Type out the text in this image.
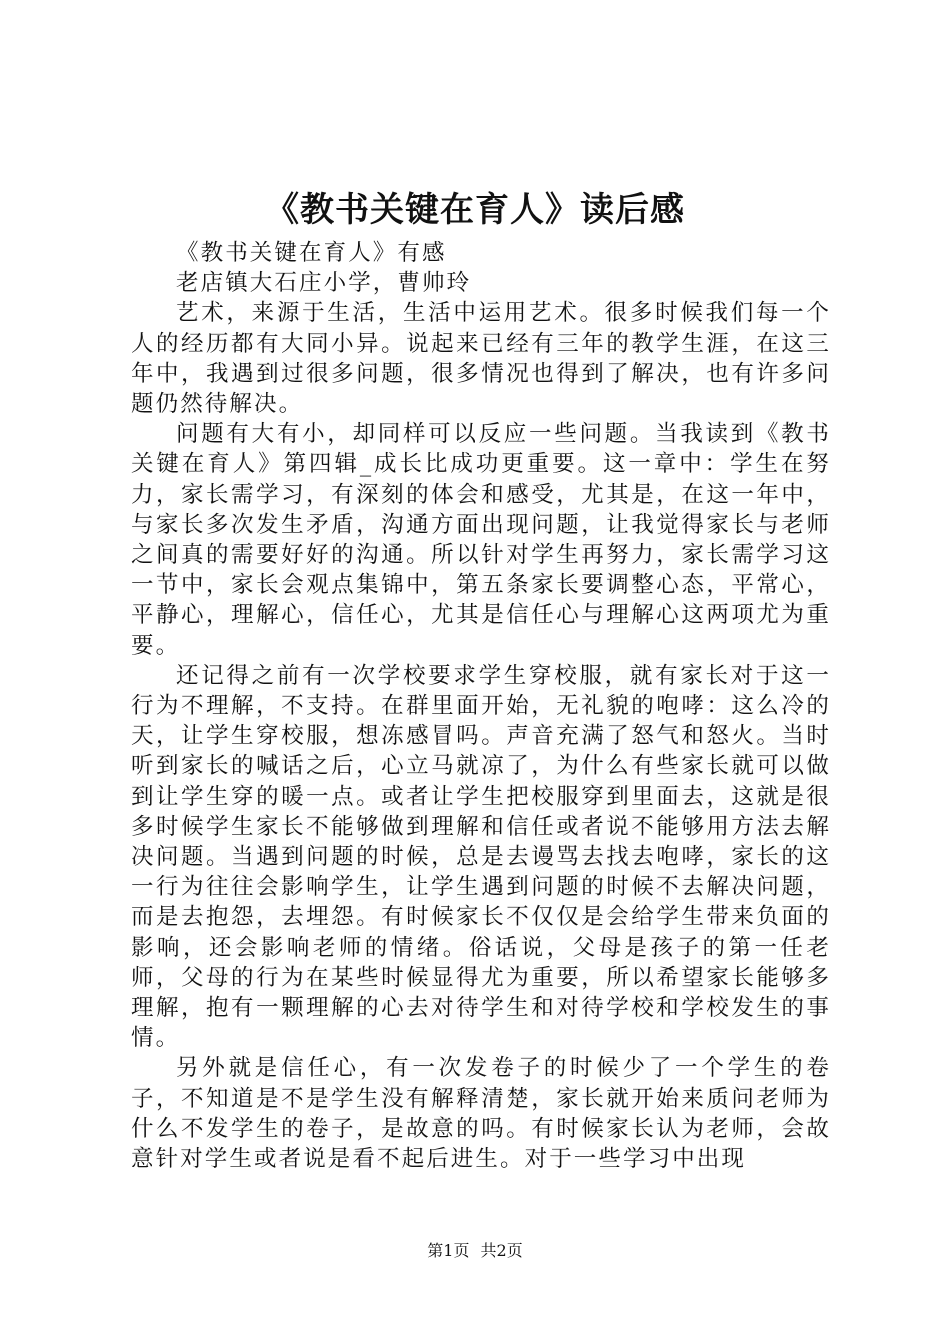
《教书关键在育人》读后感

《教书关键在育人》有感

老店镇大石庄小学，曹帅玲

艺术，来源于生活，生活中运用艺术。很多时候我们每一个人的经历都有大同小异。说起来已经有三年的教学生涯，在这三年中，我遇到过很多问题，很多情况也得到了解决，也有许多问题仍然待解决。

问题有大有小，却同样可以反应一些问题。当我读到《教书关键在育人》第四辑_成长比成功更重要。这一章中：学生在努力，家长需学习，有深刻的体会和感受，尤其是，在这一年中，与家长多次发生矛盾，沟通方面出现问题，让我觉得家长与老师之间真的需要好好的沟通。所以针对学生再努力，家长需学习这一节中，家长会观点集锦中，第五条家长要调整心态，平常心，平静心，理解心，信任心，尤其是信任心与理解心这两项尤为重要。

还记得之前有一次学校要求学生穿校服，就有家长对于这一行为不理解，不支持。在群里面开始，无礼貌的咆哮：这么冷的天，让学生穿校服，想冻感冒吗。声音充满了怒气和怒火。当时听到家长的喊话之后，心立马就凉了，为什么有些家长就可以做到让学生穿的暖一点。或者让学生把校服穿到里面去，这就是很多时候学生家长不能够做到理解和信任或者说不能够用方法去解决问题。当遇到问题的时候，总是去谩骂去找去咆哮，家长的这一行为往往会影响学生，让学生遇到问题的时候不去解决问题，而是去抱怨，去埋怨。有时候家长不仅仅是会给学生带来负面的影响，还会影响老师的情绪。俗话说，父母是孩子的第一任老师，父母的行为在某些时候显得尤为重要，所以希望家长能够多理解，抱有一颗理解的心去对待学生和对待学校和学校发生的事情。

另外就是信任心，有一次发卷子的时候少了一个学生的卷子，不知道是不是学生没有解释清楚，家长就开始来质问老师为什么不发学生的卷子，是故意的吗。有时候家长认为老师，会故意针对学生或者说是看不起后进生。对于一些学习中出现

第1页 共2页
